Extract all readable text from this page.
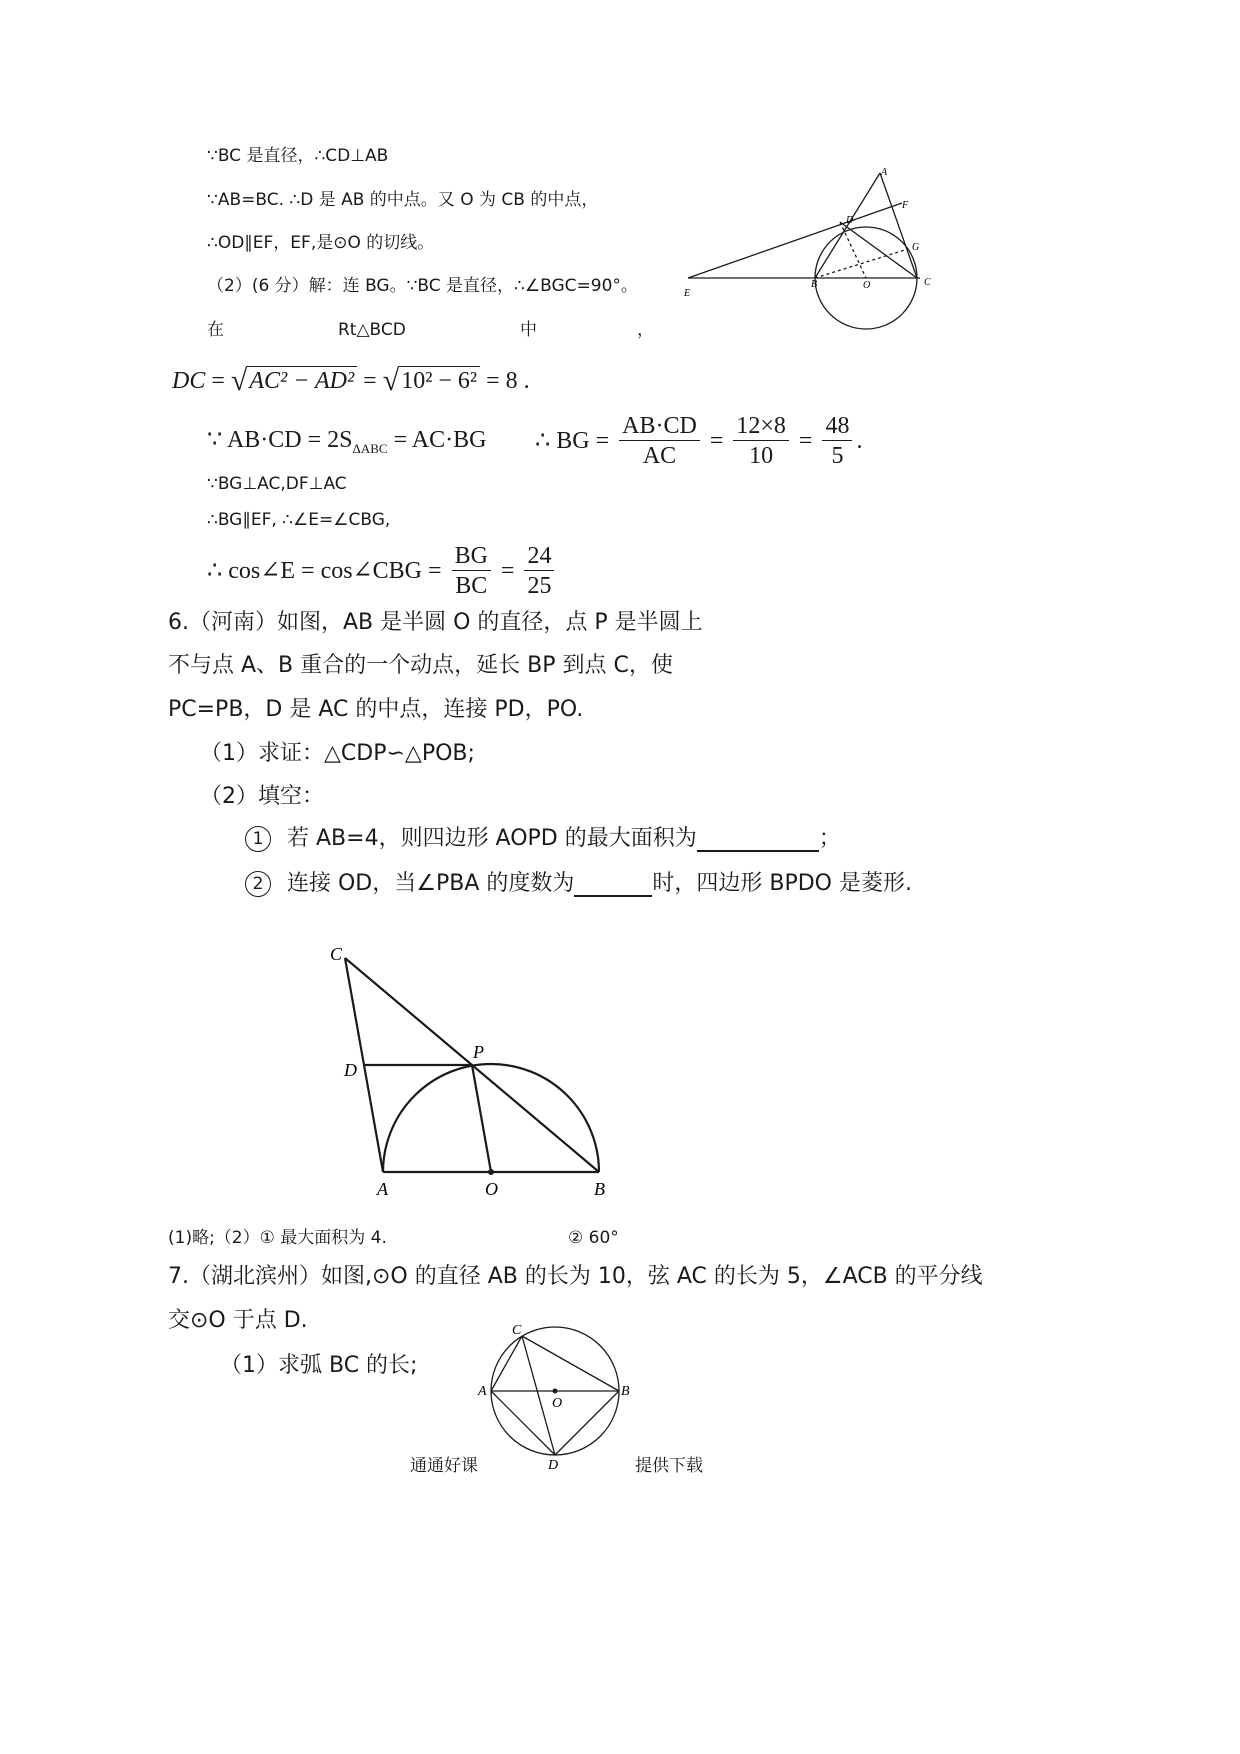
∵BC 是直径，∴CD⊥AB
∵AB=BC. ∴D 是 AB 的中点。又 O 为 CB 的中点，
∴OD∥EF，EF,是⊙O 的切线。
（2）(6 分）解：连 BG。∵BC 是直径，∴∠BGC=90°。
在	Rt△BCD	中	，
DC = √AC² − AD² = √10² − 6² = 8 .
∵ $AB\cdot CD = 2S_{\Delta ABC} = AC\cdot BG$ ∴ BG = $\frac{AB\cdot CD}{AC} = \frac{12\times 8}{10} = \frac{48}{5}$ .
∵BG⊥AC,DF⊥AC
∴BG∥EF, ∴∠E=∠CBG,
∴ cos∠E = cos∠CBG = $\frac{BG}{BC} = \frac{24}{25}$
A
F
D
G
E
B	O	C
6.（河南）如图，AB 是半圆 O 的直径，点 P 是半圆上
不与点 A、B 重合的一个动点，延长 BP 到点 C，使
PC=PB，D 是 AC 的中点，连接 PD，PO.
（1）求证：△CDP∽△POB;
（2）填空：
1 若 AB=4，则四边形 AOPD 的最大面积为	；
2 连接 OD，当∠PBA 的度数为	时，四边形 BPDO 是菱形.
C
P
D
A	O	B
(1)略;（2）① 最大面积为 4.	② 60°
7.（湖北滨州）如图,⊙O 的直径 AB 的长为 10，弦 AC 的长为 5，∠ACB 的平分线
交⊙O 于点 D.
（1）求弧 BC 的长;
C
A
O
B
D
通通好课	提供下载
